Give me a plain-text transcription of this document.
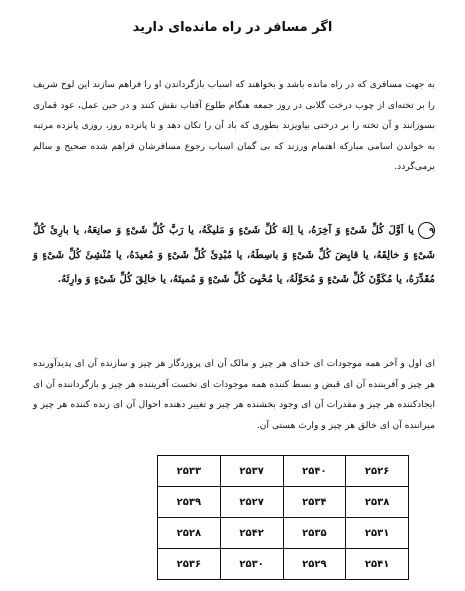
اگر مسافر در راه مانده‌ای دارید

به جهت مسافری که در راه مانده باشد و بخواهند که اسباب بازگرداندن او را فراهم سازند این لوح شریف را بر تخته‌ای از چوب درخت گلابی در روز جمعه هنگام طلوع آفتاب نقش کنند و در حین عمل، عود قماری بسوزانند و آن تخته را بر درختی بیاویزند بطوری که باد آن را تکان دهد و تا پانزده روز، روزی پانزده مرتبه به خواندن اسامی مبارکه اهتمام ورزند که بی گمان اسباب رجوع مسافرشان فراهم شده صحیح و سالم برمی‌گردد.

۹یا اَوَّلَ کُلِّ شَیْءٍ وَ آخِرَهُ، یا اِلهَ کُلِّ شَیْءٍ وَ مَلیکَهُ، یا رَبَّ کُلِّ شَیْءٍ وَ صانِعَهُ، یا بارِئَ کُلِّ شَیْءٍ وَ خالِقَهُ، یا قابِضَ کُلِّ شَیْءٍ وَ باسِطَهُ، یا مُبْدِئَ کُلِّ شَیْءٍ وَ مُعیدَهُ، یا مُنْشِئَ کُلِّ شَیْءٍ وَ مُقَدِّرَهُ، یا مُکَوِّنَ کُلِّ شَیْءٍ وَ مُحَوِّلَهُ، یا مُحْیِیَ کُلِّ شَیْءٍ وَ مُمیتَهُ، یا خالِقَ کُلِّ شَیْءٍ وَ وارِثَهُ.

ای اول و آخر همه موجودات ای خدای هر چیز و مالک آن ای پروردگار هر چیز و سازنده آن ای پدیدآورنده هر چیز و آفریننده آن ای قبض و بسط کننده همه موجودات ای نخست آفریننده هر چیز و بازگرداننده آن ای ایجادکننده هر چیز و مقدرات آن ای وجود بخشنده هر چیز و تغییر دهنده احوال آن ای زنده کننده هر چیز و میراننده آن ای خالق هر چیز و وارث هستی آن.

۲۵۲۶	۲۵۴۰	۲۵۳۷	۲۵۳۳
۲۵۳۸	۲۵۳۴	۲۵۲۷	۲۵۳۹
۲۵۳۱	۲۵۳۵	۲۵۴۲	۲۵۲۸
۲۵۴۱	۲۵۲۹	۲۵۳۰	۲۵۳۶
